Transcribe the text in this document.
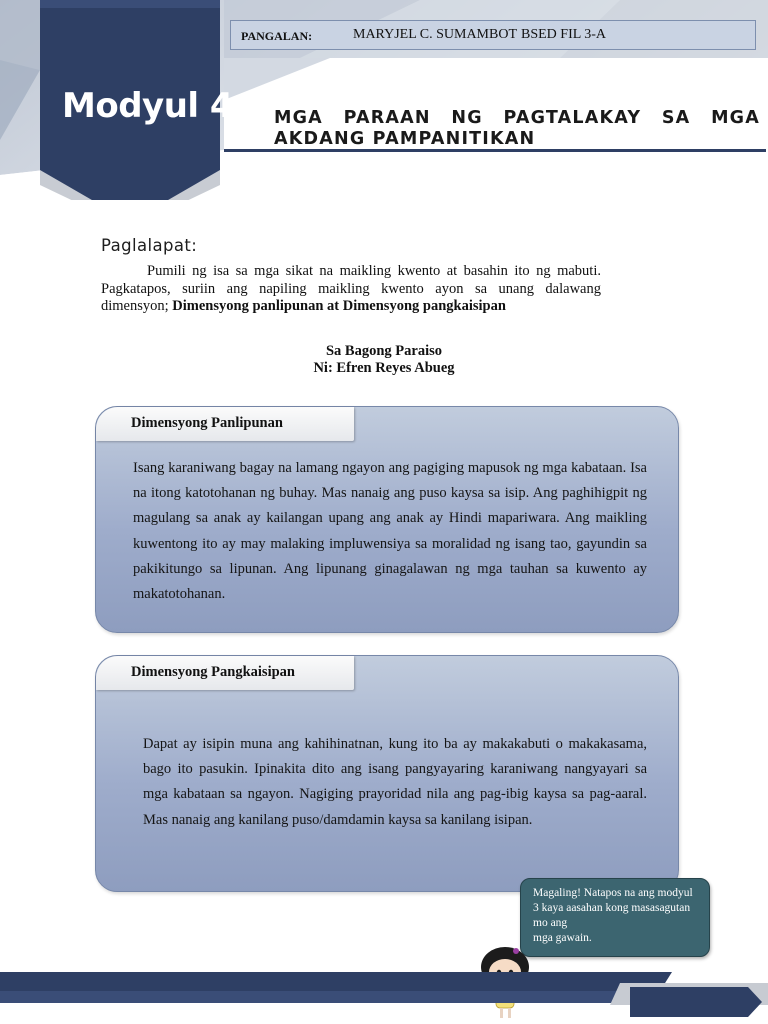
PANGALAN:	MARYJEL C. SUMAMBOT BSED FIL 3-A
Modyul 4 MGA PARAAN NG PAGTALAKAY SA MGA AKDANG PAMPANITIKAN
Paglalapat:
Pumili ng isa sa mga sikat na maikling kwento at basahin ito ng mabuti. Pagkatapos, suriin ang napiling maikling kwento ayon sa unang dalawang dimensyon; Dimensyong panlipunan at Dimensyong pangkaisipan
Sa Bagong Paraiso
Ni: Efren Reyes Abueg
Dimensyong Panlipunan
Isang karaniwang bagay na lamang ngayon ang pagiging mapusok ng mga kabataan. Isa na itong katotohanan ng buhay. Mas nanaig ang puso kaysa sa isip. Ang paghihigpit ng magulang sa anak ay kailangan upang ang anak ay Hindi mapariwara. Ang maikling kuwentong ito ay may malaking impluwensiya sa moralidad ng isang tao, gayundin sa pakikitungo sa lipunan. Ang lipunang ginagalawan ng mga tauhan sa kuwento ay makatotohanan.
Dimensyong Pangkaisipan
Dapat ay isipin muna ang kahihinatnan, kung ito ba ay makakabuti o makakasama, bago ito pasukin. Ipinakita dito ang isang pangyayaring karaniwang nangyayari sa mga kabataan sa ngayon. Nagiging prayoridad nila ang pag-ibig kaysa sa pag-aaral. Mas nanaig ang kanilang puso/damdamin kaysa sa kanilang isipan.
Magaling! Natapos na ang modyul
3 kaya aasahan kong masasagutan
mo ang
mga gawain.
